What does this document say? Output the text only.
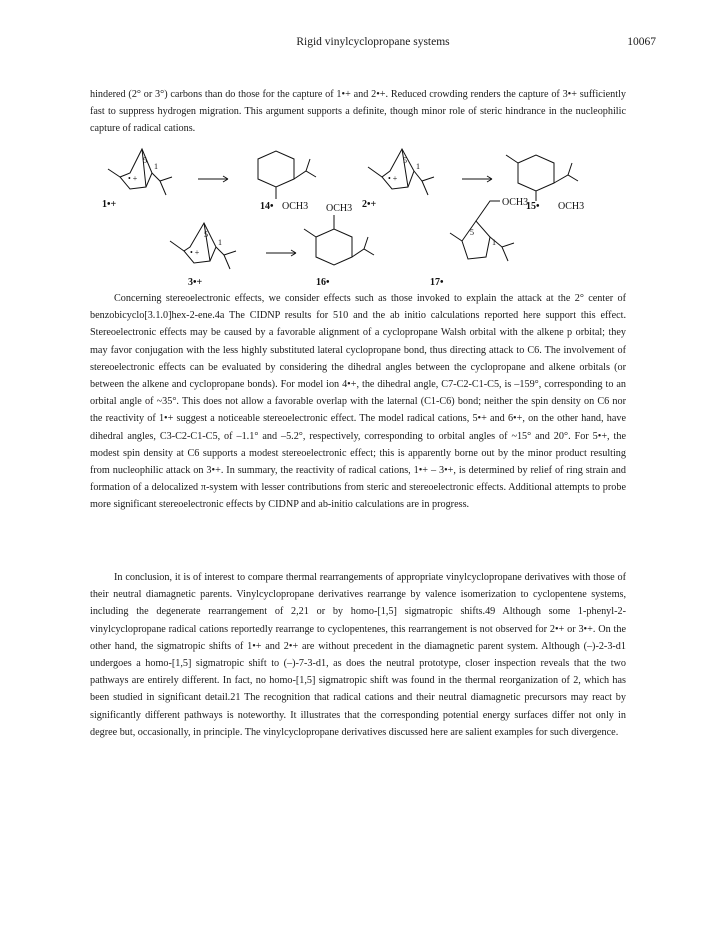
Rigid vinylcyclopropane systems	10067

hindered (2° or 3°) carbons than do those for the capture of 1•+ and 2•+. Reduced crowding renders the capture of 3•+ sufficiently fast to suppress hydrogen migration. This argument supports a definite, though minor role of steric hindrance in the nucleophilic capture of radical cations.

5
1
• +
1•+	14• OCH3
5
1
• +
2•+	15• OCH3
5
1
• +
3•+
OCH3
16•
OCH3
5
1
17•

Concerning stereoelectronic effects, we consider effects such as those invoked to explain the attack at the 2° center of benzobicyclo[3.1.0]hex-2-ene.4a The CIDNP results for 510 and the ab initio calculations reported here support this effect. Stereoelectronic effects may be caused by a favorable alignment of a cyclopropane Walsh orbital with the alkene p orbital; they may favor conjugation with the less highly substituted lateral cyclopropane bond, thus directing attack to C6. The involvement of stereoelectronic effects can be evaluated by considering the dihedral angles between the cyclopropane and alkene orbitals (or between the alkene and cyclopropane bonds). For model ion 4•+, the dihedral angle, C7-C2-C1-C5, is –159°, corresponding to an orbital angle of ~35°. This does not allow a favorable overlap with the laternal (C1-C6) bond; neither the spin density on C6 nor the reactivity of 1•+ suggest a noticeable stereoelectronic effect. The model radical cations, 5•+ and 6•+, on the other hand, have dihedral angles, C3-C2-C1-C5, of –1.1° and –5.2°, respectively, corresponding to orbital angles of ~15° and 20°. For 5•+, the modest spin density at C6 supports a modest stereoelectronic effect; this is apparently borne out by the minor product resulting from nucleophilic attack on 3•+. In summary, the reactivity of radical cations, 1•+ – 3•+, is determined by relief of ring strain and formation of a delocalized π-system with lesser contributions from steric and stereoelectronic effects. Additional attempts to probe more significant stereoelectronic effects by CIDNP and ab-initio calculations are in progress.

In conclusion, it is of interest to compare thermal rearrangements of appropriate vinylcyclopropane derivatives with those of their neutral diamagnetic parents. Vinylcyclopropane derivatives rearrange by valence isomerization to cyclopentene systems, including the degenerate rearrangement of 2,21 or by homo-[1,5] sigmatropic shifts.49 Although some 1-phenyl-2-vinylcyclopropane radical cations reportedly rearrange to cyclopentenes, this rearrangement is not observed for 2•+ or 3•+. On the other hand, the sigmatropic shifts of 1•+ and 2•+ are without precedent in the diamagnetic parent system. Although (–)-2-3-d1 undergoes a homo-[1,5] sigmatropic shift to (–)-7-3-d1, as does the neutral prototype, closer inspection reveals that the two pathways are entirely different. In fact, no homo-[1,5] sigmatropic shift was found in the thermal reorganization of 2, which has been studied in significant detail.21 The recognition that radical cations and their neutral diamagnetic precursors may react by significantly different pathways is noteworthy. It illustrates that the corresponding potential energy surfaces differ not only in degree but, occasionally, in principle. The vinylcyclopropane derivatives discussed here are salient examples for such divergence.
